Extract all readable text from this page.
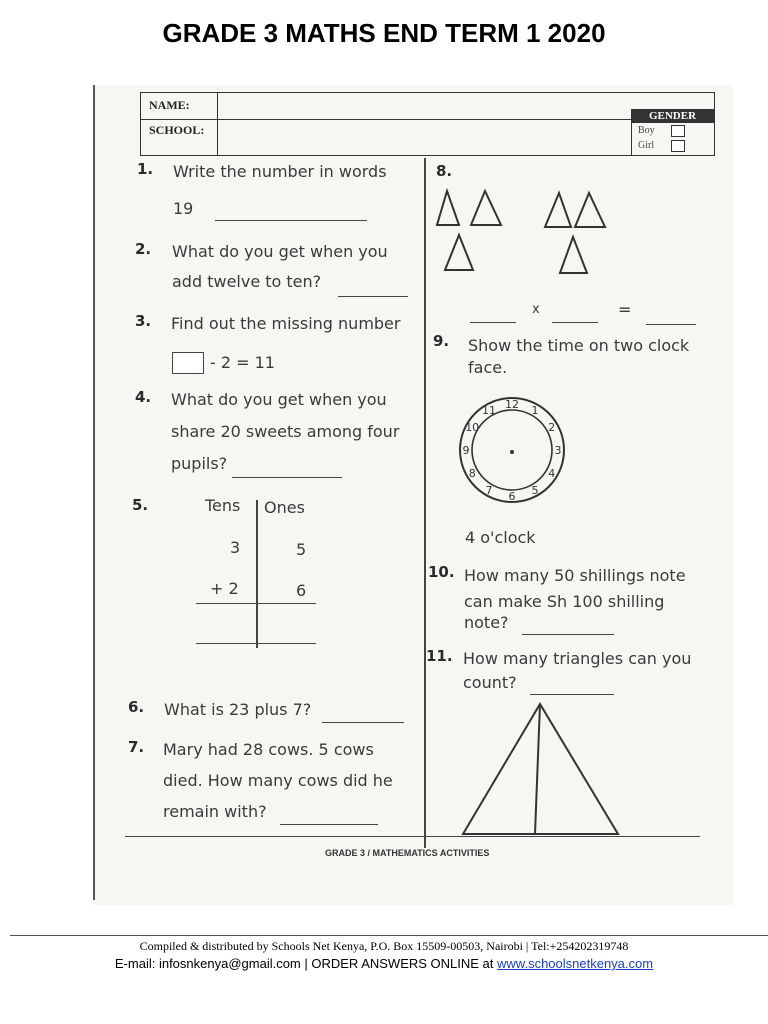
GRADE 3 MATHS END TERM 1 2020
NAME:
SCHOOL:
GENDER
Boy
Girl
1. Write the number in words
19
2. What do you get when you
add twelve to ten?
3. Find out the missing number
- 2 = 11
4. What do you get when you
share 20 sweets among four
pupils?
5.	Tens Ones
3	5
+ 2	6
6. What is 23 plus 7?
7. Mary had 28 cows. 5 cows
died. How many cows did he
remain with?
8.
x	=
9. Show the time on two clock
face.
12 1
2
3
4
5
6
7
8
9
10
11
4 o'clock
10. How many 50 shillings note
can make Sh 100 shilling
note?
11. How many triangles can you
count?
GRADE 3 / MATHEMATICS ACTIVITIES
Compiled & distributed by Schools Net Kenya, P.O. Box 15509-00503, Nairobi | Tel:+254202319748
E-mail: infosnkenya@gmail.com | ORDER ANSWERS ONLINE at www.schoolsnetkenya.com
